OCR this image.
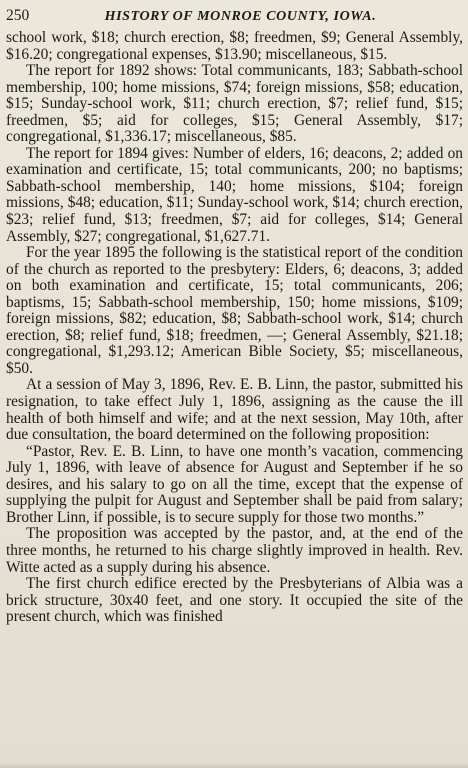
250	HISTORY OF MONROE COUNTY, IOWA.

school work, $18; church erection, $8; freedmen, $9; General Assembly, $16.20; congregational expenses, $13.90; miscellaneous, $15.

The report for 1892 shows: Total communicants, 183; Sabbath-school membership, 100; home missions, $74; foreign missions, $58; education, $15; Sunday-school work, $11; church erection, $7; relief fund, $15; freedmen, $5; aid for colleges, $15; General Assembly, $17; congregational, $1,336.17; miscellaneous, $85.

The report for 1894 gives: Number of elders, 16; deacons, 2; added on examination and certificate, 15; total communicants, 200; no baptisms; Sabbath-school membership, 140; home missions, $104; foreign missions, $48; education, $11; Sunday-school work, $14; church erection, $23; relief fund, $13; freedmen, $7; aid for colleges, $14; General Assembly, $27; congregational, $1,627.71.

For the year 1895 the following is the statistical report of the condition of the church as reported to the presbytery: Elders, 6; deacons, 3; added on both examination and certificate, 15; total communicants, 206; baptisms, 15; Sabbath-school membership, 150; home missions, $109; foreign missions, $82; education, $8; Sabbath-school work, $14; church erection, $8; relief fund, $18; freedmen, —; General Assembly, $21.18; congregational, $1,293.12; American Bible Society, $5; miscellaneous, $50.

At a session of May 3, 1896, Rev. E. B. Linn, the pastor, submitted his resignation, to take effect July 1, 1896, assigning as the cause the ill health of both himself and wife; and at the next session, May 10th, after due consultation, the board determined on the following proposition:

“Pastor, Rev. E. B. Linn, to have one month’s vacation, commencing July 1, 1896, with leave of absence for August and September if he so desires, and his salary to go on all the time, except that the expense of supplying the pulpit for August and September shall be paid from salary; Brother Linn, if possible, is to secure supply for those two months.”

The proposition was accepted by the pastor, and, at the end of the three months, he returned to his charge slightly improved in health. Rev. Witte acted as a supply during his absence.

The first church edifice erected by the Presbyterians of Albia was a brick structure, 30x40 feet, and one story. It occupied the site of the present church, which was finished
